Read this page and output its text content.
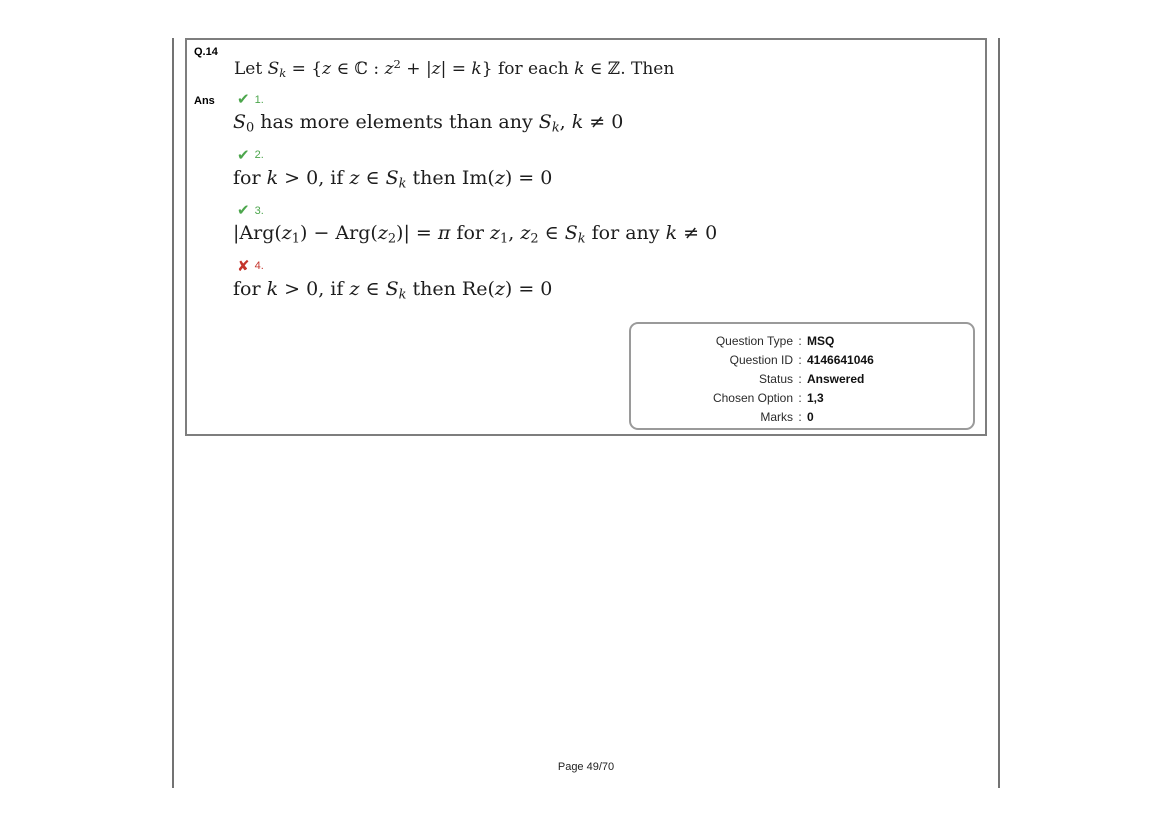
Q.14
Let Sk = {z ∈ ℂ : $z^2 + |z| = k$} for each k ∈ ℤ. Then
Ans ✔ 1.
S0 has more elements than any Sk, k ≠ 0
✔ 2.
for k > 0, if z ∈ Sk then Im(z) = 0
✔ 3.
|Arg(z1) − Arg(z2)| = π for z1, z2 ∈ Sk for any k ≠ 0
✘ 4.
for k > 0, if z ∈ Sk then Re(z) = 0
Question Type : MSQ
Question ID : 4146641046
Status : Answered
Chosen Option : 1,3
Marks : 0
Page 49/70
